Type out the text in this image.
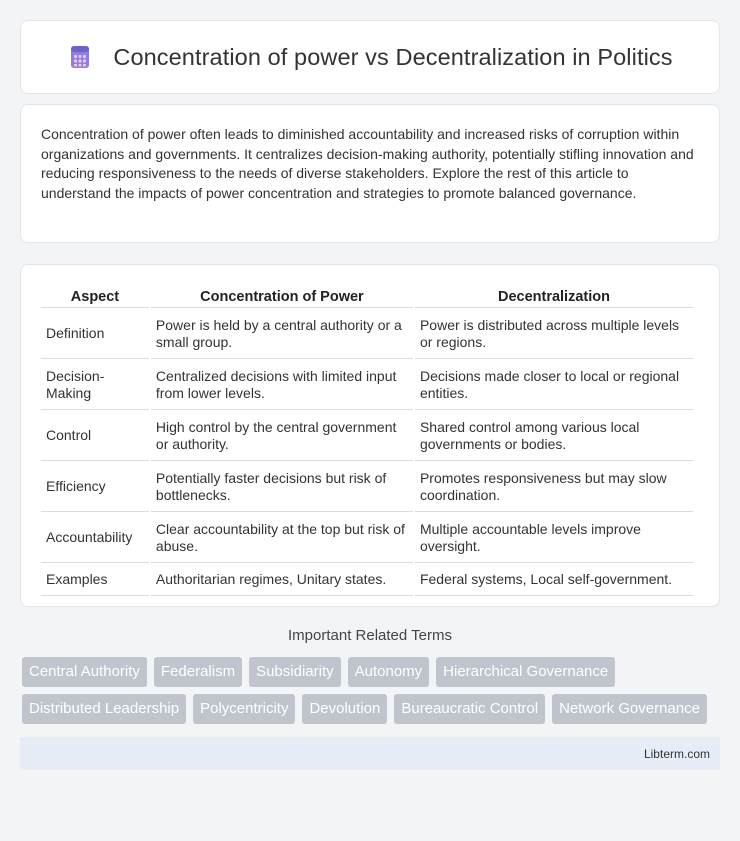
Concentration of power vs Decentralization in Politics

Concentration of power often leads to diminished accountability and increased risks of corruption within organizations and governments. It centralizes decision-making authority, potentially stifling innovation and reducing responsiveness to the needs of diverse stakeholders. Explore the rest of this article to understand the impacts of power concentration and strategies to promote balanced governance.

Aspect	Concentration of Power	Decentralization
Definition	Power is held by a central authority or a small group.	Power is distributed across multiple levels or regions.
Decision-Making	Centralized decisions with limited input from lower levels.	Decisions made closer to local or regional entities.
Control	High control by the central government or authority.	Shared control among various local governments or bodies.
Efficiency	Potentially faster decisions but risk of bottlenecks.	Promotes responsiveness but may slow coordination.
Accountability	Clear accountability at the top but risk of abuse.	Multiple accountable levels improve oversight.
Examples	Authoritarian regimes, Unitary states.	Federal systems, Local self-government.
Important Related Terms
Central Authority	Federalism	Subsidiarity	Autonomy	Hierarchical Governance
Distributed Leadership	Polycentricity	Devolution	Bureaucratic Control	Network Governance
Libterm.com
